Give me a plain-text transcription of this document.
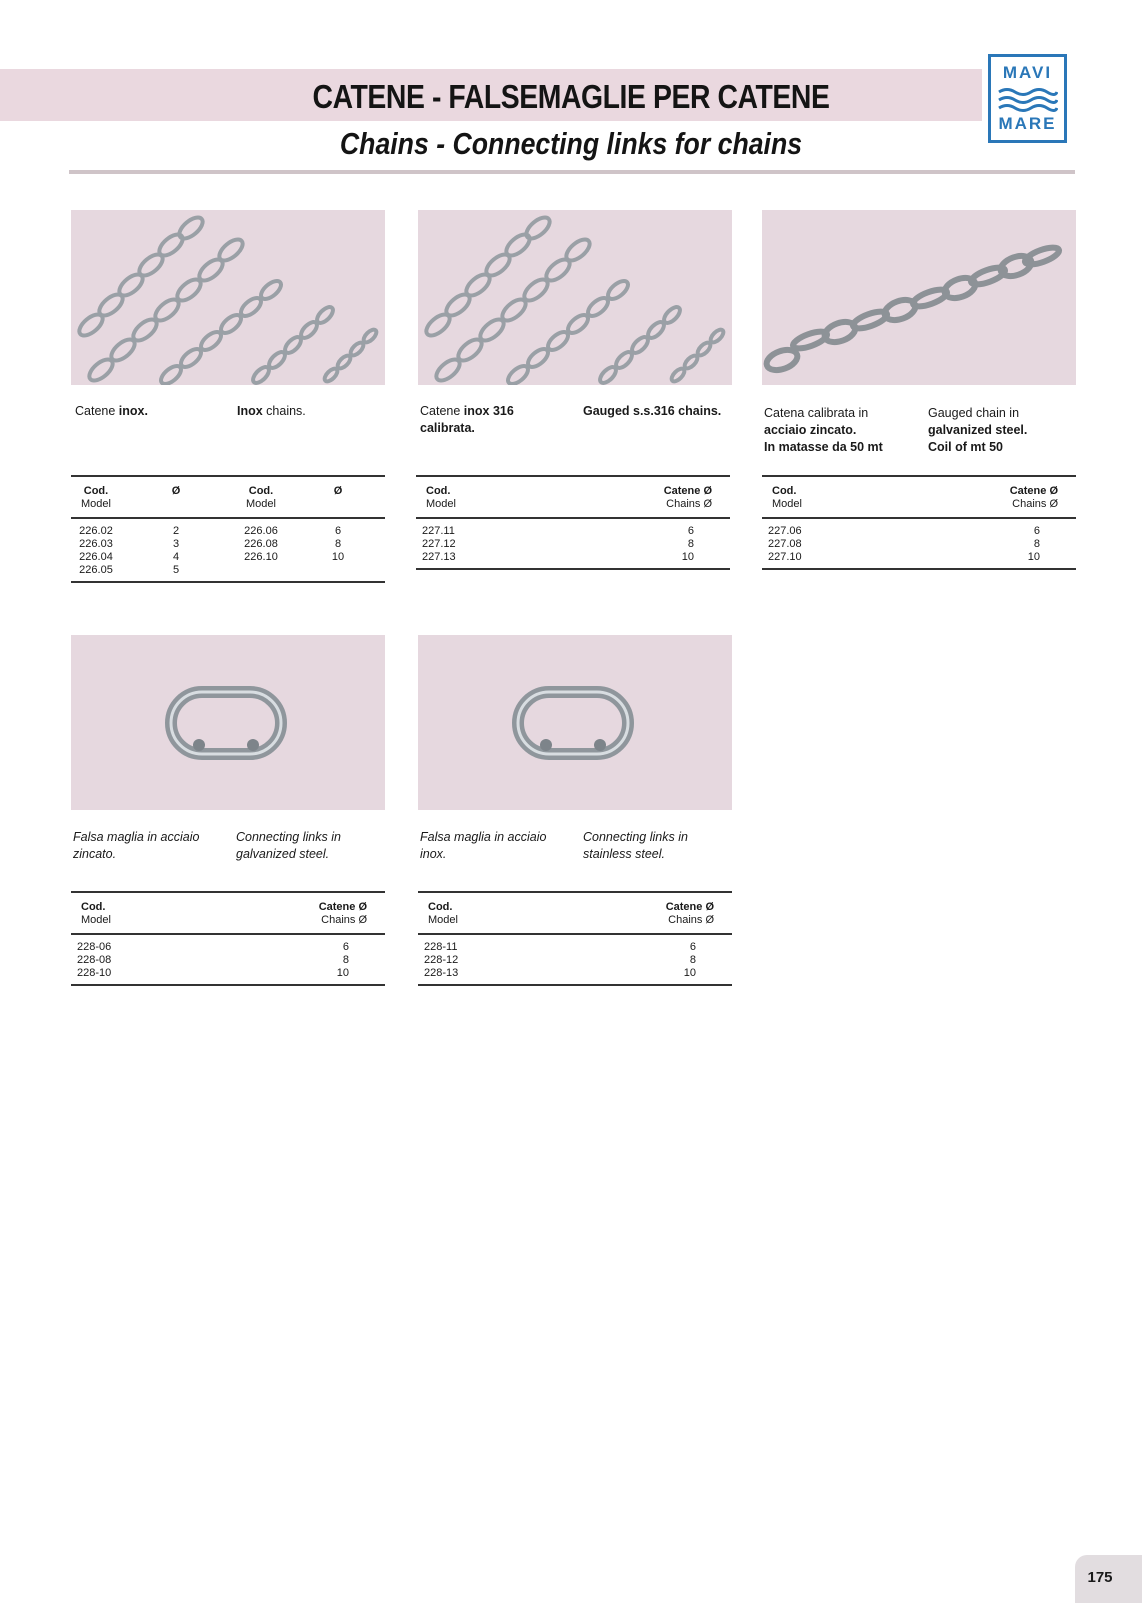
CATENE - FALSEMAGLIE PER CATENE
Chains - Connecting links for chains
MAVI
MARE
Catene inox.	Inox chains.	Catene inox 316
calibrata.
Gauged s.s.316 chains.	Catena calibrata in
acciaio zincato.
In matasse da 50 mt
Gauged chain in
galvanized steel.
Coil of mt 50
Falsa maglia in acciaio
zincato.
Connecting links in
galvanized steel.
Falsa maglia in acciaio
inox.
Connecting links in
stainless steel.
Cod.
Model	Ø	Cod.
Model	Ø
226.02	2	226.06	6
226.03	3	226.08	8
226.04	4	226.10	10
226.05	5		
Cod.
Model	Catene Ø
Chains Ø

227.11	6
227.12	8
227.13	10
Cod.
Model	Catene Ø
Chains Ø

227.06	6
227.08	8
227.10	10
Cod.
Model	Catene Ø
Chains Ø

228-06	6
228-08	8
228-10	10
Cod.
Model	Catene Ø
Chains Ø

228-11	6
228-12	8
228-13	10
175
